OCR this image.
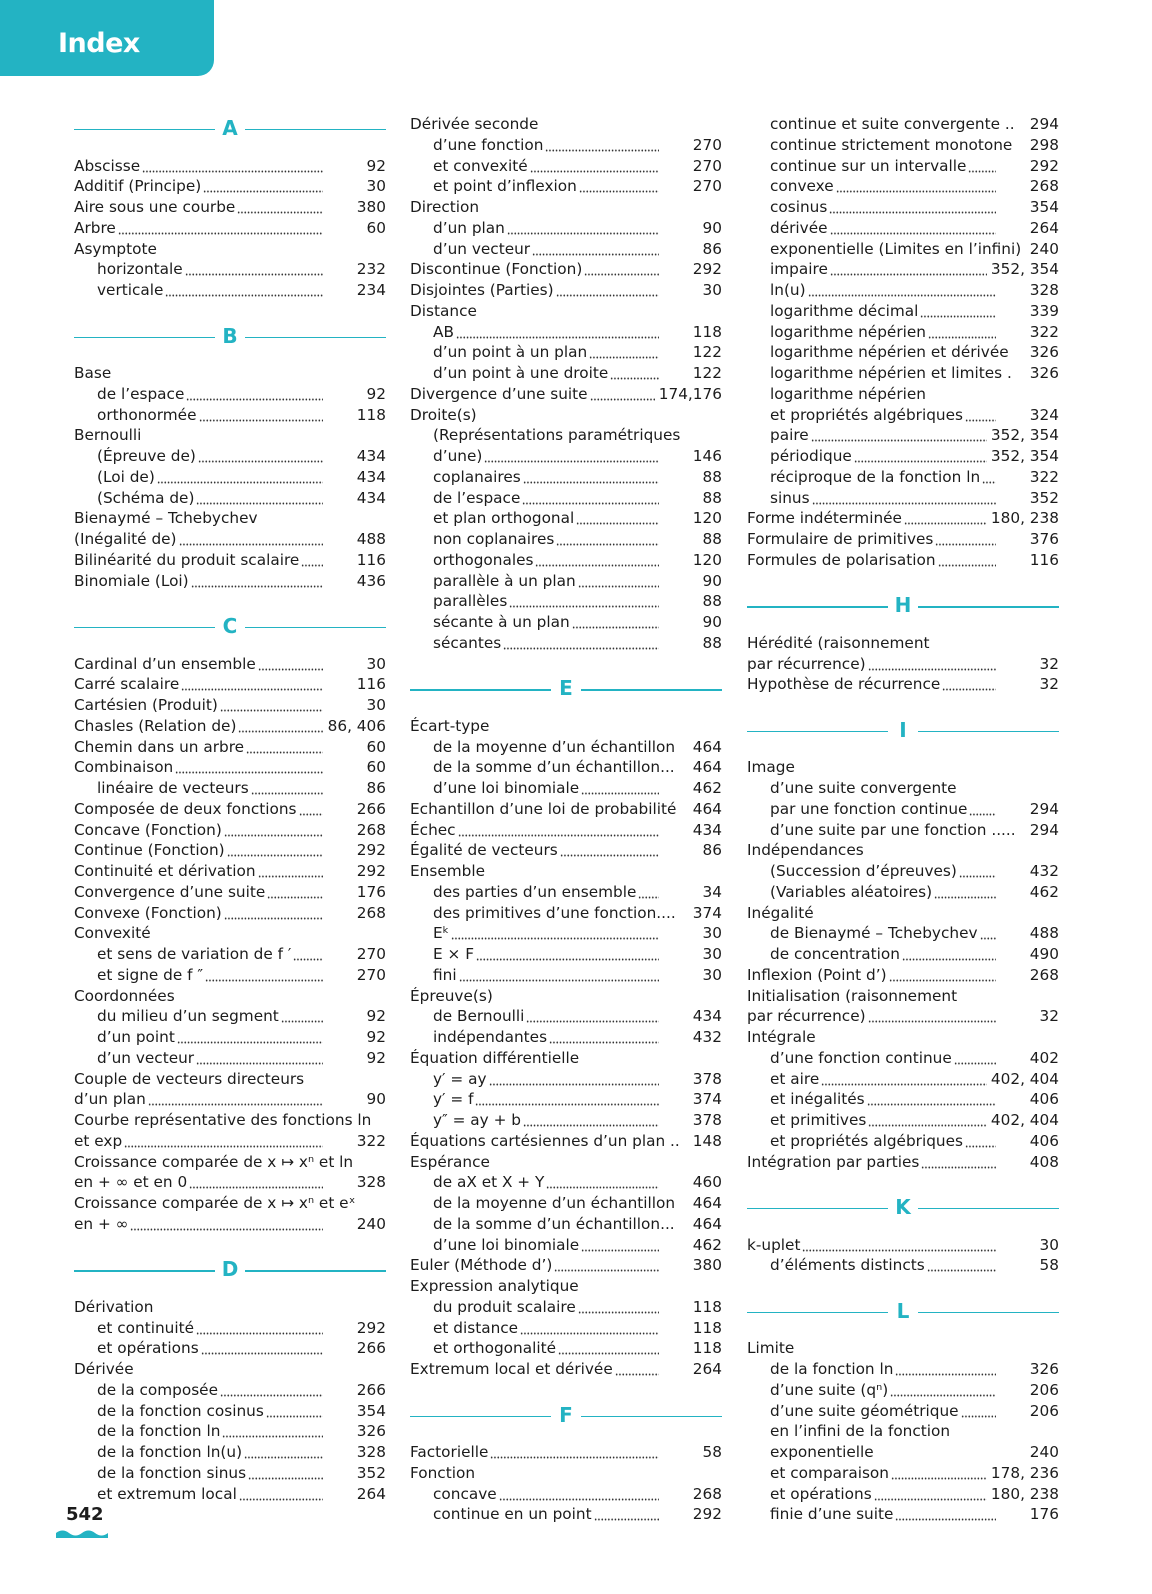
Index
A
Abscisse	92
Additif (Principe)	30
Aire sous une courbe	380
Arbre	60
Asymptote
horizontale	232
verticale	234
B
Base
de l’espace	92
orthonormée	118
Bernoulli
(Épreuve de)	434
(Loi de)	434
(Schéma de)	434
Bienaymé – Tchebychev
(Inégalité de)	488
Bilinéarité du produit scalaire	116
Binomiale (Loi)	436
C
Cardinal d’un ensemble	30
Carré scalaire	116
Cartésien (Produit)	30
Chasles (Relation de)	86, 406
Chemin dans un arbre	60
Combinaison	60
linéaire de vecteurs	86
Composée de deux fonctions	266
Concave (Fonction)	268
Continue (Fonction)	292
Continuité et dérivation	292
Convergence d’une suite	176
Convexe (Fonction)	268
Convexité
et sens de variation de f ′	270
et signe de f ″	270
Coordonnées
du milieu d’un segment	92
d’un point	92
d’un vecteur	92
Couple de vecteurs directeurs
d’un plan	90
Courbe représentative des fonctions ln
et exp	322
Croissance comparée de x ↦ xⁿ et ln
en + ∞ et en 0	328
Croissance comparée de x ↦ xⁿ et eˣ
en + ∞	240
D
Dérivation
et continuité	292
et opérations	266
Dérivée
de la composée	266
de la fonction cosinus	354
de la fonction ln	326
de la fonction ln(u)	328
de la fonction sinus	352
et extremum local	264
Dérivée seconde
d’une fonction	270
et convexité	270
et point d’inflexion	270
Direction
d’un plan	90
d’un vecteur	86
Discontinue (Fonction)	292
Disjointes (Parties)	30
Distance
AB	118
d’un point à un plan	122
d’un point à une droite	122
Divergence d’une suite	174,176
Droite(s)
(Représentations paramétriques
d’une)	146
coplanaires	88
de l’espace	88
et plan orthogonal	120
non coplanaires	88
orthogonales	120
parallèle à un plan	90
parallèles	88
sécante à un plan	90
sécantes	88
E
Écart-type
de la moyenne d’un échantillon 464
de la somme d’un échantillon... 464
d’une loi binomiale	462
Echantillon d’une loi de probabilité 464
Échec	434
Égalité de vecteurs	86
Ensemble
des parties d’un ensemble	34
des primitives d’une fonction.... 374
Eᵏ	30
E × F	30
fini	30
Épreuve(s)
de Bernoulli	434
indépendantes	432
Équation différentielle
y′ = ay	378
y′ = f	374
y″ = ay + b	378
Équations cartésiennes d’un plan .. 148
Espérance
de aX et X + Y	460
de la moyenne d’un échantillon 464
de la somme d’un échantillon... 464
d’une loi binomiale	462
Euler (Méthode d’)	380
Expression analytique
du produit scalaire	118
et distance	118
et orthogonalité	118
Extremum local et dérivée	264
F
Factorielle	58
Fonction
concave	268
continue en un point	292
continue et suite convergente .. 294
continue strictement monotone 298
continue sur un intervalle	292
convexe	268
cosinus	354
dérivée	264
exponentielle (Limites en l’infini) 240
impaire	352, 354
ln(u)	328
logarithme décimal	339
logarithme népérien	322
logarithme népérien et dérivée 326
logarithme népérien et limites . 326
logarithme népérien
et propriétés algébriques	324
paire	352, 354
périodique	352, 354
réciproque de la fonction ln	322
sinus	352
Forme indéterminée	180, 238
Formulaire de primitives	376
Formules de polarisation	116
H
Hérédité (raisonnement
par récurrence)	32
Hypothèse de récurrence	32
I
Image
d’une suite convergente
par une fonction continue	294
d’une suite par une fonction ..... 294
Indépendances
(Succession d’épreuves)	432
(Variables aléatoires)	462
Inégalité
de Bienaymé – Tchebychev	488
de concentration	490
Inflexion (Point d’)	268
Initialisation (raisonnement
par récurrence)	32
Intégrale
d’une fonction continue	402
et aire	402, 404
et inégalités	406
et primitives	402, 404
et propriétés algébriques	406
Intégration par parties	408
K
k-uplet	30
d’éléments distincts	58
L
Limite
de la fonction ln	326
d’une suite (qⁿ)	206
d’une suite géométrique	206
en l’infini de la fonction
exponentielle	240
et comparaison	178, 236
et opérations	180, 238
finie d’une suite	176
542
